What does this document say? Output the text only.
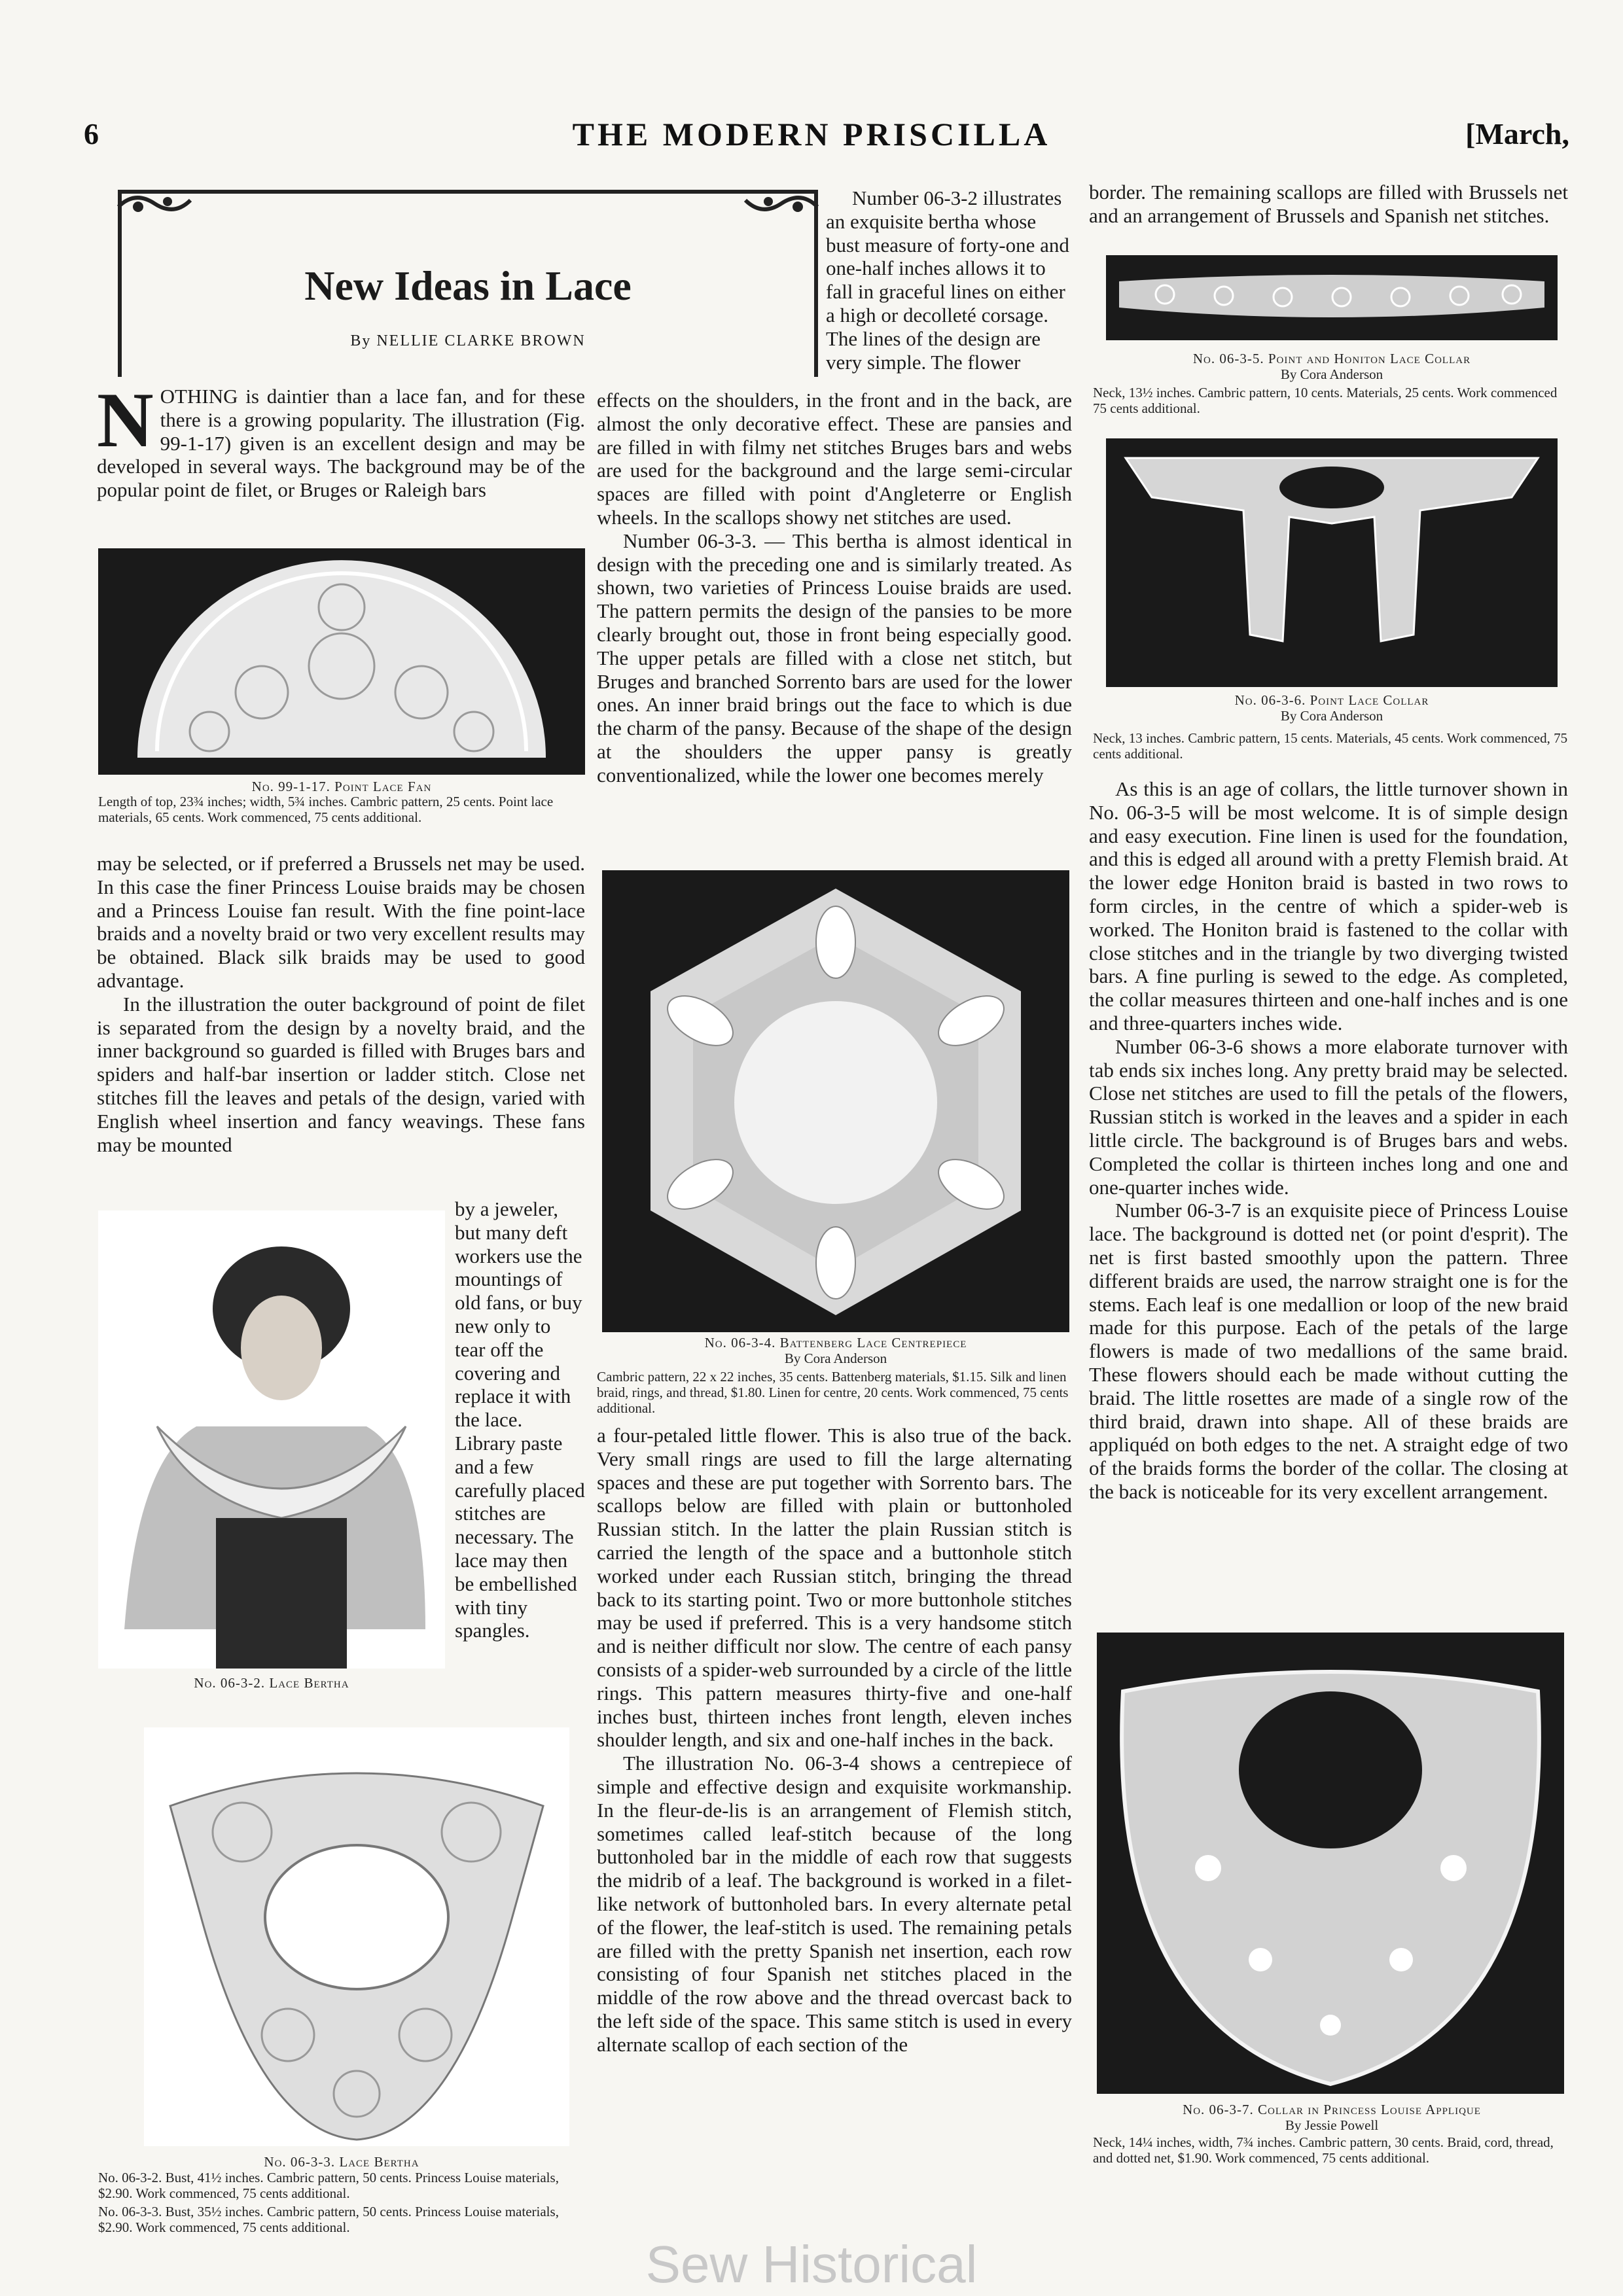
6	THE MODERN PRISCILLA	[March,
New Ideas in Lace
By NELLIE CLARKE BROWN

NOTHING is daintier than a lace fan, and for these there is a growing popularity. The illustration (Fig. 99-1-17) given is an excellent design and may be developed in several ways. The background may be of the popular point de filet, or Bruges or Raleigh bars

No. 99-1-17. Point Lace Fan
Length of top, 23¾ inches; width, 5¾ inches. Cambric pattern, 25 cents. Point lace materials, 65 cents. Work commenced, 75 cents additional.

may be selected, or if preferred a Brussels net may be used. In this case the finer Princess Louise braids may be chosen and a Princess Louise fan result. With the fine point-lace braids and a novelty braid or two very excellent results may be obtained. Black silk braids may be used to good advantage.

In the illustration the outer background of point de filet is separated from the design by a novelty braid, and the inner background so guarded is filled with Bruges bars and spiders and half-bar insertion or ladder stitch. Close net stitches fill the leaves and petals of the design, varied with English wheel insertion and fancy weavings. These fans may be mounted

No. 06-3-2. Lace Bertha

by a jeweler, but many deft workers use the mountings of old fans, or buy new only to tear off the covering and replace it with the lace. Library paste and a few carefully placed stitches are necessary. The lace may then be embellished with tiny spangles.

No. 06-3-3. Lace Bertha
No. 06-3-2. Bust, 41½ inches. Cambric pattern, 50 cents. Princess Louise materials, $2.90. Work commenced, 75 cents additional.
No. 06-3-3. Bust, 35½ inches. Cambric pattern, 50 cents. Princess Louise materials, $2.90. Work commenced, 75 cents additional.

Number 06-3-2 illustrates an exquisite bertha whose bust measure of forty-one and one-half inches allows it to fall in graceful lines on either a high or decolleté corsage. The lines of the design are very simple. The flower

effects on the shoulders, in the front and in the back, are almost the only decorative effect. These are pansies and are filled in with filmy net stitches Bruges bars and webs are used for the background and the large semi-circular spaces are filled with point d'Angleterre or English wheels. In the scallops showy net stitches are used.

Number 06-3-3. — This bertha is almost identical in design with the preceding one and is similarly treated. As shown, two varieties of Princess Louise braids are used. The pattern permits the design of the pansies to be more clearly brought out, those in front being especially good. The upper petals are filled with a close net stitch, but Bruges and branched Sorrento bars are used for the lower ones. An inner braid brings out the face to which is due the charm of the pansy. Because of the shape of the design at the shoulders the upper pansy is greatly conventionalized, while the lower one becomes merely

No. 06-3-4. Battenberg Lace Centrepiece
By Cora Anderson
Cambric pattern, 22 x 22 inches, 35 cents. Battenberg materials, $1.15. Silk and linen braid, rings, and thread, $1.80. Linen for centre, 20 cents. Work commenced, 75 cents additional.

a four-petaled little flower. This is also true of the back. Very small rings are used to fill the large alternating spaces and these are put together with Sorrento bars. The scallops below are filled with plain or buttonholed Russian stitch. In the latter the plain Russian stitch is carried the length of the space and a buttonhole stitch worked under each Russian stitch, bringing the thread back to its starting point. Two or more buttonhole stitches may be used if preferred. This is a very handsome stitch and is neither difficult nor slow. The centre of each pansy consists of a spider-web surrounded by a circle of the little rings. This pattern measures thirty-five and one-half inches bust, thirteen inches front length, eleven inches shoulder length, and six and one-half inches in the back.

The illustration No. 06-3-4 shows a centrepiece of simple and effective design and exquisite workmanship. In the fleur-de-lis is an arrangement of Flemish stitch, sometimes called leaf-stitch because of the long buttonholed bar in the middle of each row that suggests the midrib of a leaf. The background is worked in a filet-like network of buttonholed bars. In every alternate petal of the flower, the leaf-stitch is used. The remaining petals are filled with the pretty Spanish net insertion, each row consisting of four Spanish net stitches placed in the middle of the row above and the thread overcast back to the left side of the space. This same stitch is used in every alternate scallop of each section of the

border. The remaining scallops are filled with Brussels net and an arrangement of Brussels and Spanish net stitches.

No. 06-3-5. Point and Honiton Lace Collar
By Cora Anderson
Neck, 13½ inches. Cambric pattern, 10 cents. Materials, 25 cents. Work commenced 75 cents additional.
No. 06-3-6. Point Lace Collar
By Cora Anderson
Neck, 13 inches. Cambric pattern, 15 cents. Materials, 45 cents. Work commenced, 75 cents additional.

As this is an age of collars, the little turnover shown in No. 06-3-5 will be most welcome. It is of simple design and easy execution. Fine linen is used for the foundation, and this is edged all around with a pretty Flemish braid. At the lower edge Honiton braid is basted in two rows to form circles, in the centre of which a spider-web is worked. The Honiton braid is fastened to the collar with close stitches and in the triangle by two diverging twisted bars. A fine purling is sewed to the edge. As completed, the collar measures thirteen and one-half inches and is one and three-quarters inches wide.

Number 06-3-6 shows a more elaborate turnover with tab ends six inches long. Any pretty braid may be selected. Close net stitches are used to fill the petals of the flowers, Russian stitch is worked in the leaves and a spider in each little circle. The background is of Bruges bars and webs. Completed the collar is thirteen inches long and one and one-quarter inches wide.

Number 06-3-7 is an exquisite piece of Princess Louise lace. The background is dotted net (or point d'esprit). The net is first basted smoothly upon the pattern. Three different braids are used, the narrow straight one is for the stems. Each leaf is one medallion or loop of the new braid made for this purpose. Each of the petals of the large flowers is made of two medallions of the same braid. These flowers should each be made without cutting the braid. The little rosettes are made of a single row of the third braid, drawn into shape. All of these braids are appliquéd on both edges to the net. A straight edge of two of the braids forms the border of the collar. The closing at the back is noticeable for its very excellent arrangement.

No. 06-3-7. Collar in Princess Louise Applique
By Jessie Powell
Neck, 14¼ inches, width, 7¾ inches. Cambric pattern, 30 cents. Braid, cord, thread, and dotted net, $1.90. Work commenced, 75 cents additional.
Sew Historical
